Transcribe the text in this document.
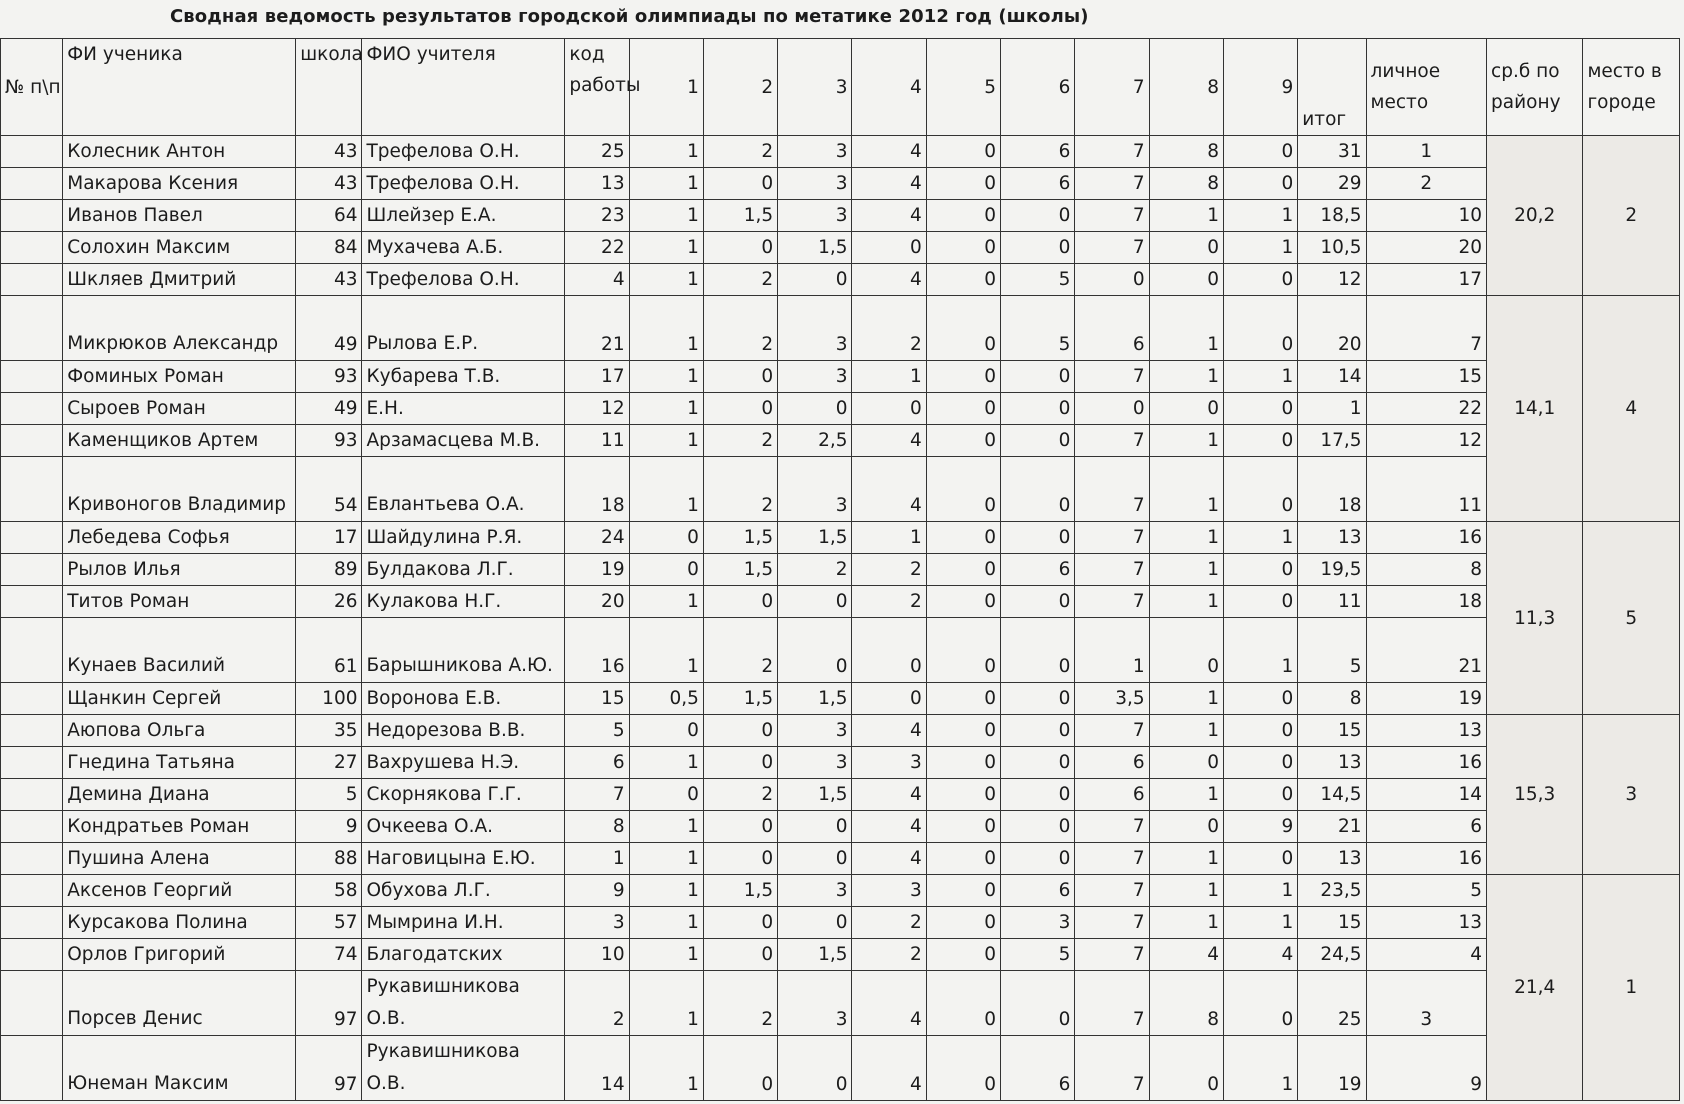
Сводная ведомость результатов городской олимпиады по метатике 2012 год (школы)
№ п\п	ФИ ученика	школа	ФИО учителя	код работы	1	2	3	4	5	6	7	8	9	итог	личное место	ср.б по району	место в городе
	Колесник Антон	43	Трефелова О.Н.	25	1	2	3	4	0	6	7	8	0	31	1	20,2	2
	Макарова Ксения	43	Трефелова О.Н.	13	1	0	3	4	0	6	7	8	0	29	2		
	Иванов Павел	64	Шлейзер Е.А.	23	1	1,5	3	4	0	0	7	1	1	18,5	10		
	Солохин Максим	84	Мухачева А.Б.	22	1	0	1,5	0	0	0	7	0	1	10,5	20		
	Шкляев Дмитрий	43	Трефелова О.Н.	4	1	2	0	4	0	5	0	0	0	12	17		
	Микрюков Александр	49	Рылова Е.Р.	21	1	2	3	2	0	5	6	1	0	20	7	14,1	4
	Фоминых Роман	93	Кубарева Т.В.	17	1	0	3	1	0	0	7	1	1	14	15		
	Сыроев Роман	49	Е.Н.	12	1	0	0	0	0	0	0	0	0	1	22		
	Каменщиков Артем	93	Арзамасцева М.В.	11	1	2	2,5	4	0	0	7	1	0	17,5	12		
	Кривоногов Владимир	54	Евлантьева О.А.	18	1	2	3	4	0	0	7	1	0	18	11		
	Лебедева Софья	17	Шайдулина Р.Я.	24	0	1,5	1,5	1	0	0	7	1	1	13	16	11,3	5
	Рылов Илья	89	Булдакова Л.Г.	19	0	1,5	2	2	0	6	7	1	0	19,5	8		
	Титов Роман	26	Кулакова Н.Г.	20	1	0	0	2	0	0	7	1	0	11	18		
	Кунаев Василий	61	Барышникова А.Ю.	16	1	2	0	0	0	0	1	0	1	5	21		
	Щанкин Сергей	100	Воронова Е.В.	15	0,5	1,5	1,5	0	0	0	3,5	1	0	8	19		
	Аюпова Ольга	35	Недорезова В.В.	5	0	0	3	4	0	0	7	1	0	15	13	15,3	3
	Гнедина Татьяна	27	Вахрушева Н.Э.	6	1	0	3	3	0	0	6	0	0	13	16		
	Демина Диана	5	Скорнякова Г.Г.	7	0	2	1,5	4	0	0	6	1	0	14,5	14		
	Кондратьев Роман	9	Очкеева О.А.	8	1	0	0	4	0	0	7	0	9	21	6		
	Пушина Алена	88	Наговицына Е.Ю.	1	1	0	0	4	0	0	7	1	0	13	16		
	Аксенов Георгий	58	Обухова Л.Г.	9	1	1,5	3	3	0	6	7	1	1	23,5	5	21,4	1
	Курсакова Полина	57	Мымрина И.Н.	3	1	0	0	2	0	3	7	1	1	15	13		
	Орлов Григорий	74	Благодатских	10	1	0	1,5	2	0	5	7	4	4	24,5	4		
	Порсев Денис	97	Рукавишникова О.В.	2	1	2	3	4	0	0	7	8	0	25	3		
	Юнеман Максим	97	Рукавишникова О.В.	14	1	0	0	4	0	6	7	0	1	19	9		
